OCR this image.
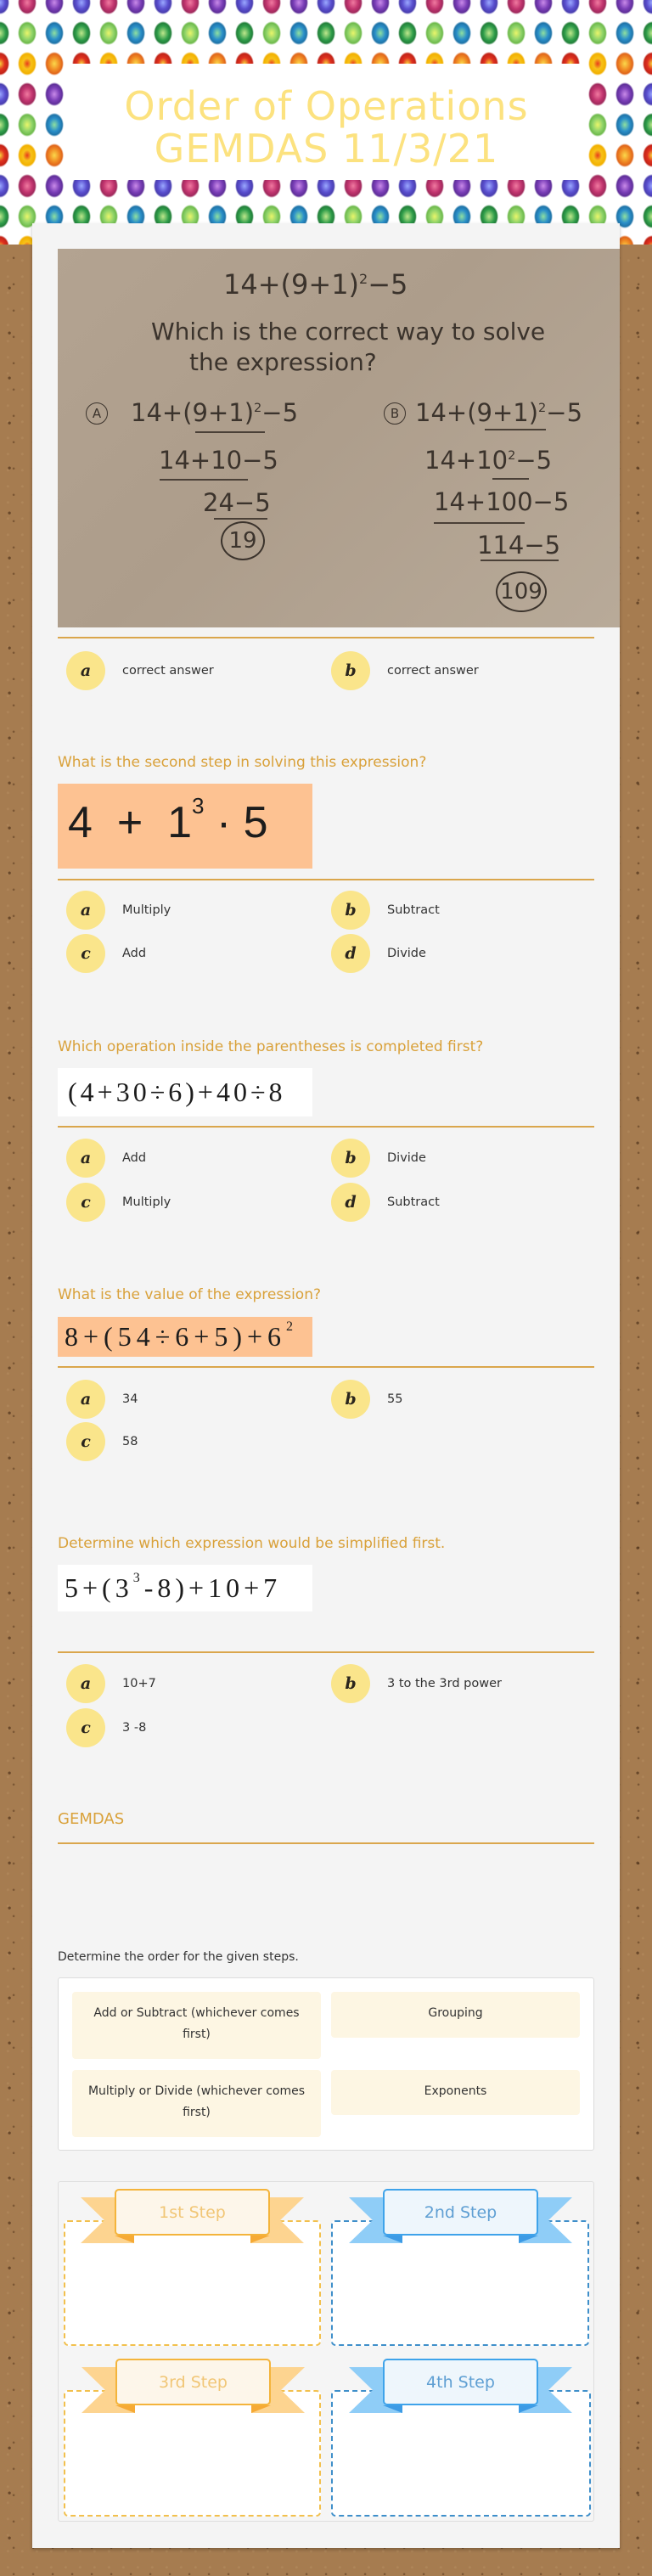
Order of Operations
GEMDAS 11/3/21
$14+(9+1)^2-5$
Which is the correct way to solve
the expression?
A $14+(9+1)^2-5$
14+10−5
24−5
19
B $14+(9+1)^2-5$
$14+10^2-5$
14+100−5
114−5
109
a	correct answer	b	correct answer
What is the second step in solving this expression?
$4 + 1^3 \cdot 5$
a	Multiply	b	Subtract
c	Add	d	Divide
Which operation inside the parentheses is completed first?
(4+30÷6)+40÷8
a	Add	b	Divide
c	Multiply	d	Subtract
What is the value of the expression?
$8+(54\div 6+5)+6^2$
a	34	b	55
c	58
Determine which expression would be simplified first.
$5+(3^3$ -8)+10+7
a	10+7	b	3 to the 3rd power
c	3 -8
GEMDAS
Determine the order for the given steps.
Add or Subtract (whichever comes first)
Grouping
Multiply or Divide (whichever comes first)
Exponents
1st Step	2nd Step
3rd Step	4th Step
